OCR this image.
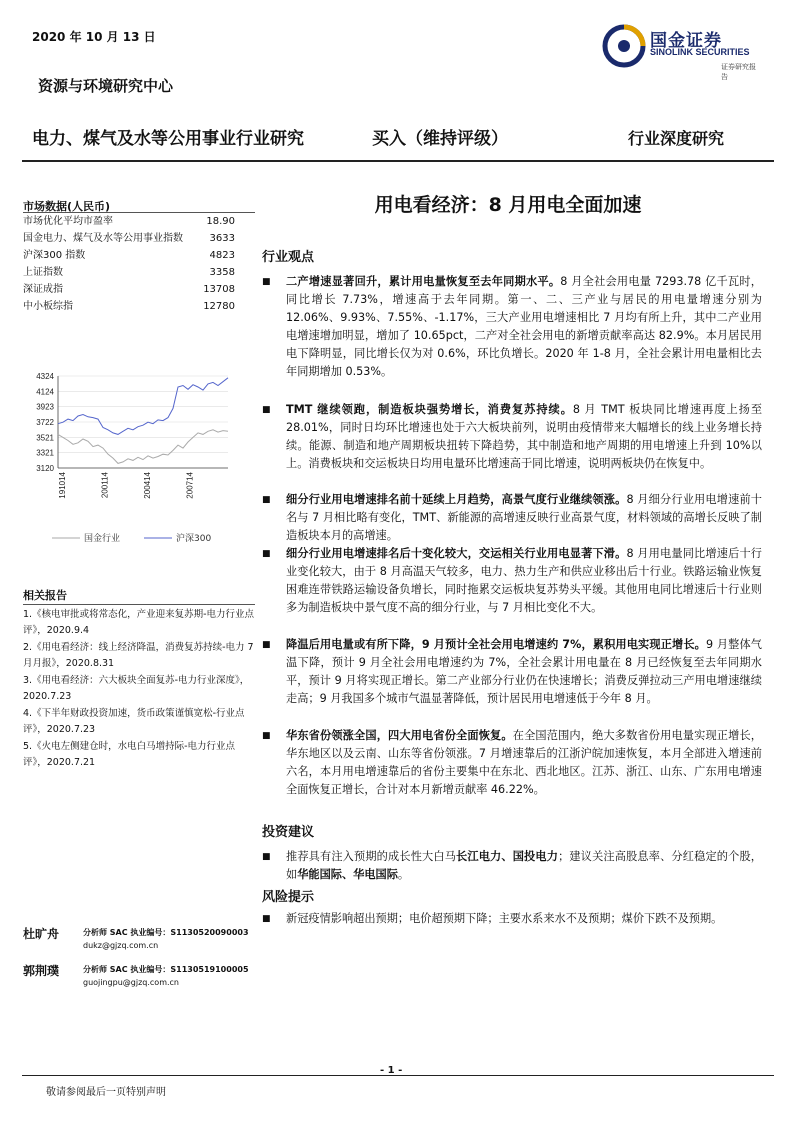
2020 年 10 月 13 日	国金证券
SINOLINK SECURITIES
证券研究报告
资源与环境研究中心
电力、煤气及水等公用事业行业研究	买入（维持评级）	行业深度研究
市场数据(人民币)
市场优化平均市盈率	18.90
国金电力、煤气及水等公用事业指数	3633
沪深300 指数	4823
上证指数	3358
深证成指	13708
中小板综指	12780
4324
4124
3923
3722
3521
3321
3120
191014	200114	200414	200714
国金行业	沪深300
相关报告
1.《核电审批或将常态化，产业迎来复苏期-电力行业点评》，2020.9.4
2.《用电看经济：线上经济降温，消费复苏持续-电力 7 月月报》，2020.8.31
3.《用电看经济：六大板块全面复苏-电力行业深度》，2020.7.23
4.《下半年财政投资加速，货币政策谨慎宽松-行业点评》，2020.7.23
5.《火电左侧建仓时，水电白马增持际-电力行业点评》，2020.7.21
杜旷舟	分析师 SAC 执业编号：S1130520090003
dukz@gjzq.com.cn
郭荆璞	分析师 SAC 执业编号：S1130519100005
guojingpu@gjzq.com.cn
用电看经济：8 月用电全面加速
行业观点
■ 二产增速显著回升，累计用电量恢复至去年同期水平。8 月全社会用电量 7293.78 亿千瓦时，同比增长 7.73%，增速高于去年同期。第一、二、三产业与居民的用电量增速分别为 12.06%、9.93%、7.55%、-1.17%，三大产业用电增速相比 7 月均有所上升，其中二产业用电增速增加明显，增加了 10.65pct，二产对全社会用电的新增贡献率高达 82.9%。本月居民用电下降明显，同比增长仅为对 0.6%，环比负增长。2020 年 1-8 月，全社会累计用电量相比去年同期增加 0.53%。
■ TMT 继续领跑，制造板块强势增长，消费复苏持续。8 月 TMT 板块同比增速再度上扬至 28.01%，同时日均环比增速也处于六大板块前列，说明由疫情带来大幅增长的线上业务增长持续。能源、制造和地产周期板块扭转下降趋势，其中制造和地产周期的用电增速上升到 10%以上。消费板块和交运板块日均用电量环比增速高于同比增速，说明两板块仍在恢复中。
■ 细分行业用电增速排名前十延续上月趋势，高景气度行业继续领涨。8 月细分行业用电增速前十名与 7 月相比略有变化，TMT、新能源的高增速反映行业高景气度，材料领域的高增长反映了制造板块本月的高增速。
■ 细分行业用电增速排名后十变化较大，交运相关行业用电显著下滑。8 月用电量同比增速后十行业变化较大，由于 8 月高温天气较多，电力、热力生产和供应业移出后十行业。铁路运输业恢复困难连带铁路运输设备负增长，同时拖累交运板块复苏势头平缓。其他用电同比增速后十行业则多为制造板块中景气度不高的细分行业，与 7 月相比变化不大。
■ 降温后用电量或有所下降，9 月预计全社会用电增速约 7%，累积用电实现正增长。9 月整体气温下降，预计 9 月全社会用电增速约为 7%，全社会累计用电量在 8 月已经恢复至去年同期水平，预计 9 月将实现正增长。第二产业部分行业仍在快速增长；消费反弹拉动三产用电增速继续走高；9 月我国多个城市气温显著降低，预计居民用电增速低于今年 8 月。
■ 华东省份领涨全国，四大用电省份全面恢复。在全国范围内，绝大多数省份用电量实现正增长，华东地区以及云南、山东等省份领涨。7 月增速靠后的江浙沪皖加速恢复，本月全部进入增速前六名，本月用电增速靠后的省份主要集中在东北、西北地区。江苏、浙江、山东、广东用电增速全面恢复正增长，合计对本月新增贡献率 46.22%。
投资建议
■ 推荐具有注入预期的成长性大白马长江电力、国投电力；建议关注高股息率、分红稳定的个股，如华能国际、华电国际。
风险提示
■ 新冠疫情影响超出预期；电价超预期下降；主要水系来水不及预期；煤价下跌不及预期。
- 1 -
敬请参阅最后一页特别声明
